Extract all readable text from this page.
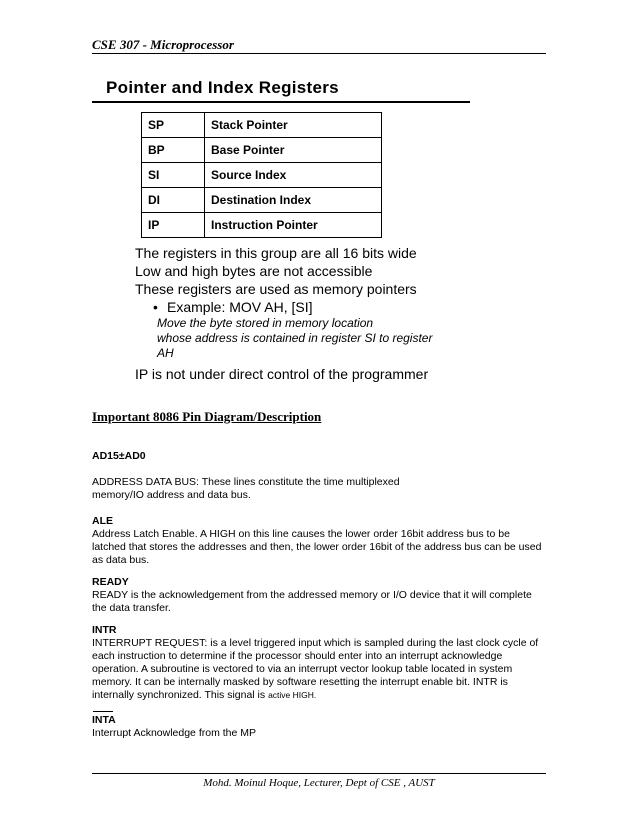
CSE 307 - Microprocessor
Pointer and Index Registers
SP	Stack Pointer
BP	Base Pointer
SI	Source Index
DI	Destination Index
IP	Instruction Pointer
The registers in this group are all 16 bits wide
Low and high bytes are not accessible
These registers are used as memory pointers
• Example: MOV AH, [SI]
Move the byte stored in memory location
whose address is contained in register SI to register
AH
IP is not under direct control of the programmer
Important 8086 Pin Diagram/Description
AD15±AD0
ADDRESS DATA BUS: These lines constitute the time multiplexed memory/IO address and data bus.
ALE
Address Latch Enable. A HIGH on this line causes the lower order 16bit address bus to be latched that stores the addresses and then, the lower order 16bit of the address bus can be used as data bus.
READY
READY is the acknowledgement from the addressed memory or I/O device that it will complete the data transfer.
INTR
INTERRUPT REQUEST: is a level triggered input which is sampled during the last clock cycle of each instruction to determine if the processor should enter into an interrupt acknowledge operation. A subroutine is vectored to via an interrupt vector lookup table located in system memory. It can be internally masked by software resetting the interrupt enable bit. INTR is internally synchronized. This signal is active HIGH.
INTA
Interrupt Acknowledge from the MP
Mohd. Moinul Hoque, Lecturer, Dept of CSE , AUST
